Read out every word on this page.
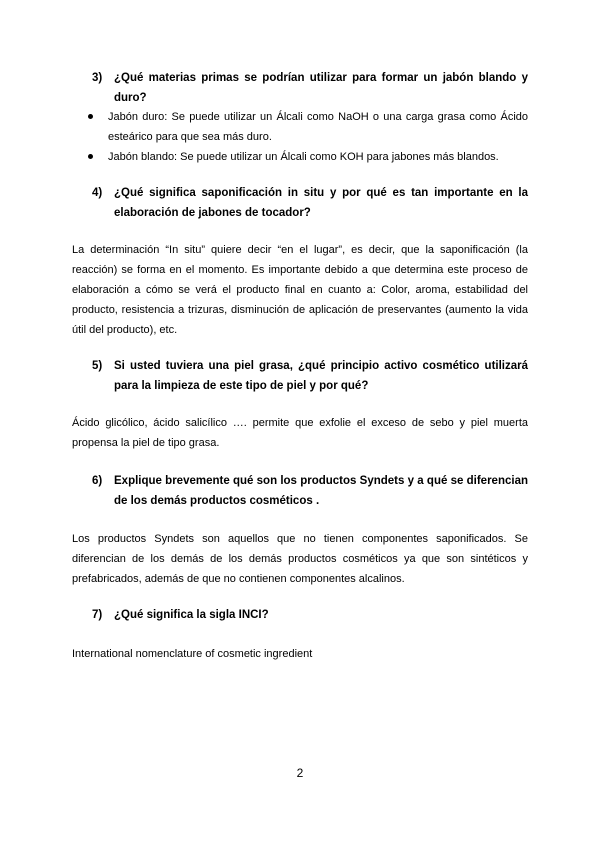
3) ¿Qué materias primas se podrían utilizar para formar un jabón blando y duro?
Jabón duro: Se puede utilizar un Álcali como NaOH o una carga grasa como Ácido esteárico para que sea más duro.
Jabón blando: Se puede utilizar un Álcali como KOH para jabones más blandos.
4) ¿Qué significa saponificación in situ y por qué es tan importante en la elaboración de jabones de tocador?
La determinación “In situ” quiere decir “en el lugar”, es decir, que la saponificación (la reacción) se forma en el momento. Es importante debido a que determina este proceso de elaboración a cómo se verá el producto final en cuanto a: Color, aroma, estabilidad del producto, resistencia a trizuras, disminución de aplicación de preservantes (aumento la vida útil del producto), etc.
5) Si usted tuviera una piel grasa, ¿qué principio activo cosmético utilizará para la limpieza de este tipo de piel y por qué?
Ácido glicólico, ácido salicílico …. permite que exfolie el exceso de sebo y piel muerta propensa la piel de tipo grasa.
6) Explique brevemente qué son los productos Syndets y a qué se diferencian de los demás productos cosméticos .
Los productos Syndets son aquellos que no tienen componentes saponificados. Se diferencian de los demás de los demás productos cosméticos ya que son sintéticos y prefabricados, además de que no contienen componentes alcalinos.
7) ¿Qué significa la sigla INCI?
International nomenclature of cosmetic ingredient
2
